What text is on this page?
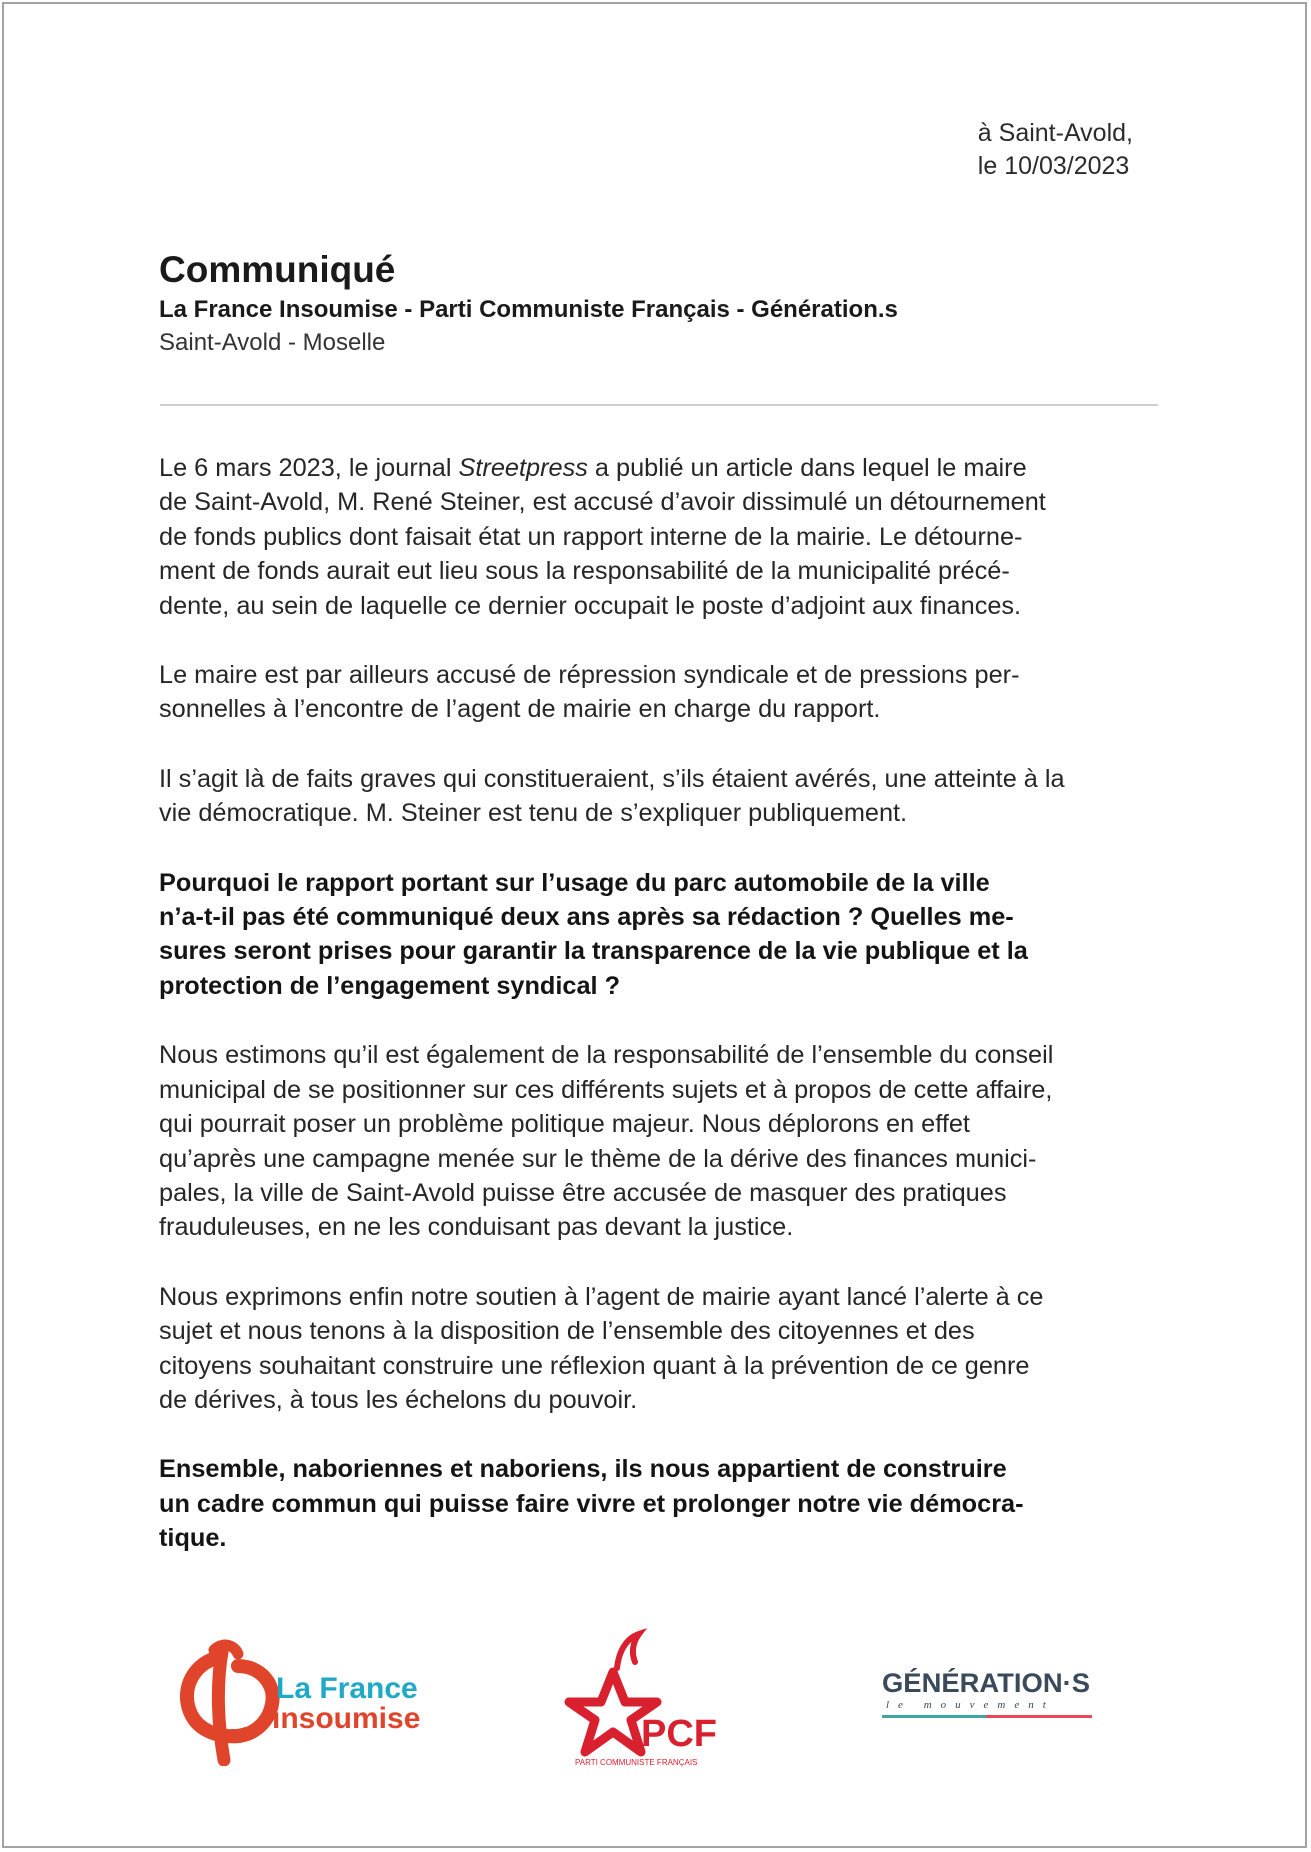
à Saint-Avold,
le 10/03/2023
Communiqué
La France Insoumise - Parti Communiste Français - Génération.s
Saint-Avold - Moselle

Le 6 mars 2023, le journal Streetpress a publié un article dans lequel le maire
de Saint-Avold, M. René Steiner, est accusé d’avoir dissimulé un détournement
de fonds publics dont faisait état un rapport interne de la mairie. Le détourne-
ment de fonds aurait eut lieu sous la responsabilité de la municipalité précé-
dente, au sein de laquelle ce dernier occupait le poste d’adjoint aux finances.

Le maire est par ailleurs accusé de répression syndicale et de pressions per-
sonnelles à l’encontre de l’agent de mairie en charge du rapport.

Il s’agit là de faits graves qui constitueraient, s’ils étaient avérés, une atteinte à la
vie démocratique. M. Steiner est tenu de s’expliquer publiquement.

Pourquoi le rapport portant sur l’usage du parc automobile de la ville
n’a-t-il pas été communiqué deux ans après sa rédaction ? Quelles me-
sures seront prises pour garantir la transparence de la vie publique et la
protection de l’engagement syndical ?

Nous estimons qu’il est également de la responsabilité de l’ensemble du conseil
municipal de se positionner sur ces différents sujets et à propos de cette affaire,
qui pourrait poser un problème politique majeur. Nous déplorons en effet
qu’après une campagne menée sur le thème de la dérive des finances munici-
pales, la ville de Saint-Avold puisse être accusée de masquer des pratiques
frauduleuses, en ne les conduisant pas devant la justice.

Nous exprimons enfin notre soutien à l’agent de mairie ayant lancé l’alerte à ce
sujet et nous tenons à la disposition de l’ensemble des citoyennes et des
citoyens souhaitant construire une réflexion quant à la prévention de ce genre
de dérives, à tous les échelons du pouvoir.

Ensemble, naboriennes et naboriens, ils nous appartient de construire
un cadre commun qui puisse faire vivre et prolonger notre vie démocra-
tique.

La France
insoumise	PCF
PARTI COMMUNISTE FRANÇAIS
GÉNÉRATION·S
le mouvement
